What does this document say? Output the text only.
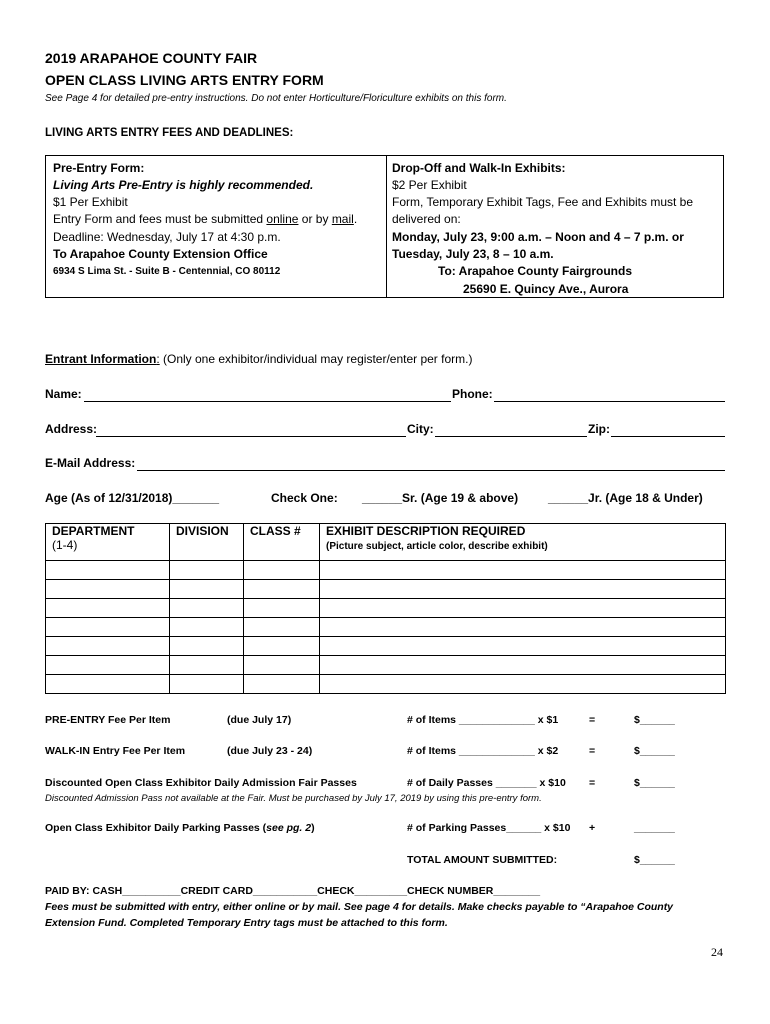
2019 ARAPAHOE COUNTY FAIR
OPEN CLASS LIVING ARTS ENTRY FORM
See Page 4 for detailed pre-entry instructions. Do not enter Horticulture/Floriculture exhibits on this form.
LIVING ARTS ENTRY FEES AND DEADLINES:
Pre-Entry Form:
Living Arts Pre-Entry is highly recommended.
$1 Per Exhibit
Entry Form and fees must be submitted online or by mail.
Deadline: Wednesday, July 17 at 4:30 p.m.
To Arapahoe County Extension Office
6934 S Lima St. - Suite B - Centennial, CO 80112
Drop-Off and Walk-In Exhibits:
$2 Per Exhibit
Form, Temporary Exhibit Tags, Fee and Exhibits must be
delivered on:
Monday, July 23, 9:00 a.m. – Noon and 4 – 7 p.m. or
Tuesday, July 23, 8 – 10 a.m.
To: Arapahoe County Fairgrounds
25690 E. Quincy Ave., Aurora
Entrant Information: (Only one exhibitor/individual may register/enter per form.)
Name:	Phone:
Address:	City:	Zip:
E-Mail Address:
Age (As of 12/31/2018)_______	Check One: ______Sr. (Age 19 & above) ______Jr. (Age 18 & Under)
DEPARTMENT
(1-4)	DIVISION	CLASS #	EXHIBIT DESCRIPTION REQUIRED
(Picture subject, article color, describe exhibit)

PRE-ENTRY Fee Per Item	(due July 17)	# of Items _____________ x $1	=	$______
WALK-IN Entry Fee Per Item	(due July 23 - 24)	# of Items _____________ x $2	=	$______
Discounted Open Class Exhibitor Daily Admission Fair Passes	# of Daily Passes _______ x $10 =	$______
Discounted Admission Pass not available at the Fair. Must be purchased by July 17, 2019 by using this pre-entry form.
Open Class Exhibitor Daily Parking Passes (see pg. 2)	# of Parking Passes______ x $10 +	_______
TOTAL AMOUNT SUBMITTED:	$______
PAID BY: CASH__________CREDIT CARD___________CHECK_________CHECK NUMBER________
Fees must be submitted with entry, either online or by mail. See page 4 for details. Make checks payable to “Arapahoe County
Extension Fund. Completed Temporary Entry tags must be attached to this form.
24
